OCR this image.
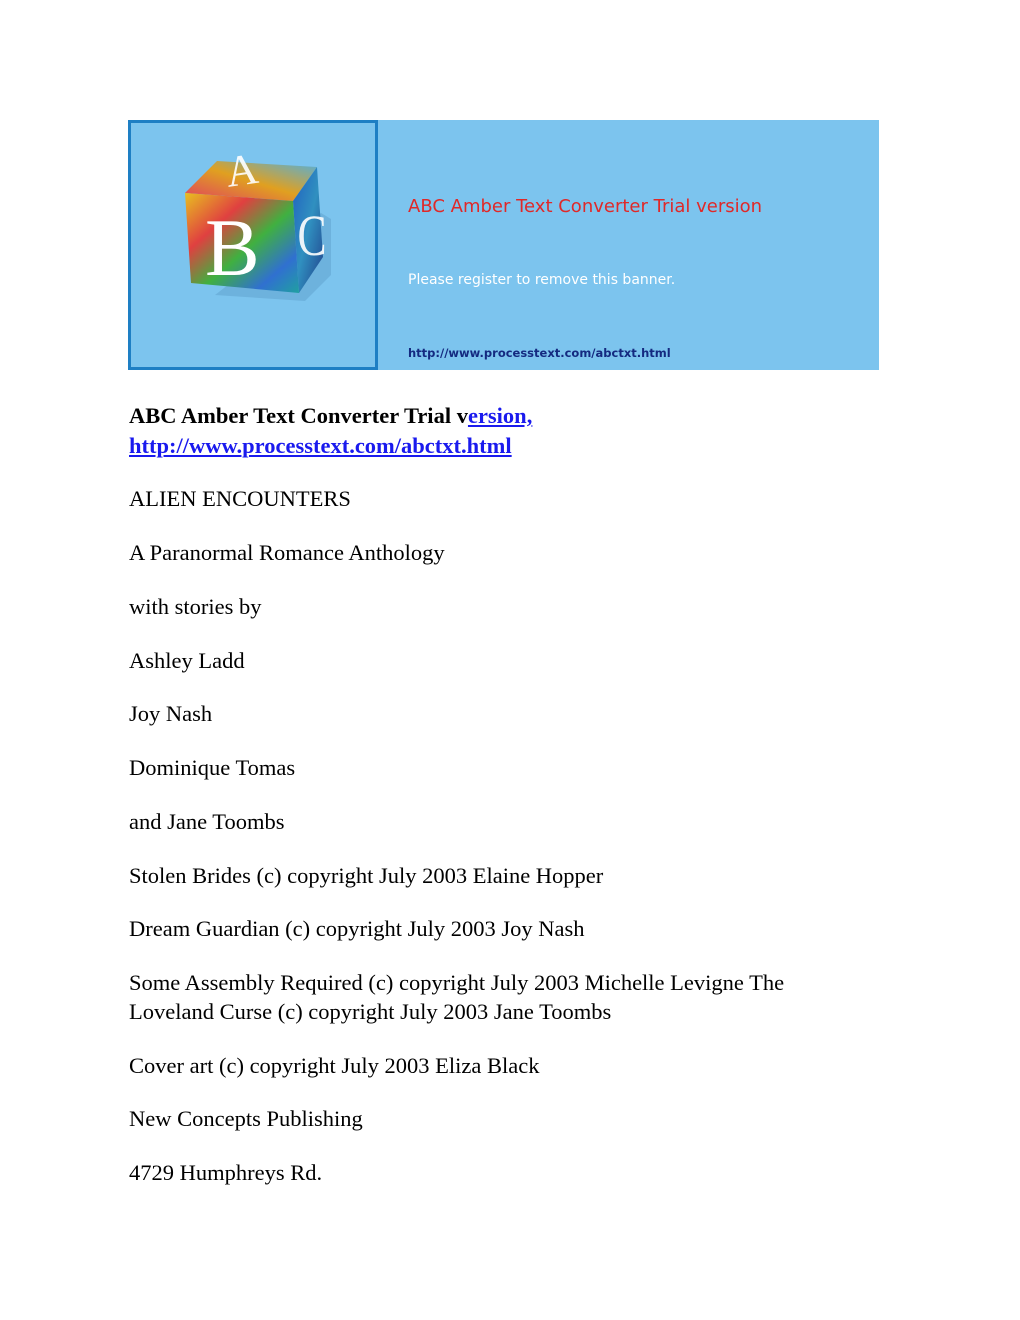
A
B C	ABC Amber Text Converter Trial version
Please register to remove this banner.
http://www.processtext.com/abctxt.html
ABC Amber Text Converter Trial version,
http://www.processtext.com/abctxt.html
ALIEN ENCOUNTERS
A Paranormal Romance Anthology
with stories by
Ashley Ladd
Joy Nash
Dominique Tomas
and Jane Toombs
Stolen Brides (c) copyright July 2003 Elaine Hopper
Dream Guardian (c) copyright July 2003 Joy Nash
Some Assembly Required (c) copyright July 2003 Michelle Levigne The
Loveland Curse (c) copyright July 2003 Jane Toombs
Cover art (c) copyright July 2003 Eliza Black
New Concepts Publishing
4729 Humphreys Rd.
